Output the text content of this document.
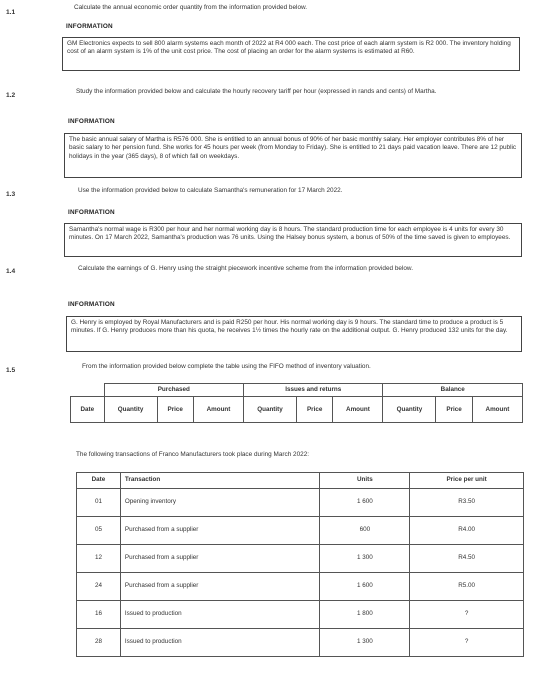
1.1
Calculate the annual economic order quantity from the information provided below.
INFORMATION
GM Electronics expects to sell 800 alarm systems each month of 2022 at R4 000 each. The cost price of each alarm system is R2 000. The inventory holding cost of an alarm system is 1% of the unit cost price. The cost of placing an order for the alarm systems is estimated at R60.
1.2
Study the information provided below and calculate the hourly recovery tariff per hour (expressed in rands and cents) of Martha.
INFORMATION
The basic annual salary of Martha is R576 000. She is entitled to an annual bonus of 90% of her basic monthly salary. Her employer contributes 8% of her basic salary to her pension fund. She works for 45 hours per week (from Monday to Friday). She is entitled to 21 days paid vacation leave. There are 12 public holidays in the year (365 days), 8 of which fall on weekdays.
1.3
Use the information provided below to calculate Samantha's remuneration for 17 March 2022.
INFORMATION
Samantha's normal wage is R300 per hour and her normal working day is 8 hours. The standard production time for each employee is 4 units for every 30 minutes. On 17 March 2022, Samantha's production was 76 units. Using the Halsey bonus system, a bonus of 50% of the time saved is given to employees.
1.4	Calculate the earnings of G. Henry using the straight piecework incentive scheme from the information provided below.
INFORMATION
G. Henry is employed by Royal Manufacturers and is paid R250 per hour. His normal working day is 9 hours. The standard time to produce a product is 5 minutes. If G. Henry produces more than his quota, he receives 1½ times the hourly rate on the additional output. G. Henry produced 132 units for the day.
1.5
From the information provided below complete the table using the FIFO method of inventory valuation.
	Purchased			Issues and returns			Balance		
Date	Quantity	Price	Amount	Quantity	Price	Amount	Quantity	Price	Amount
The following transactions of Franco Manufacturers took place during March 2022:
Date	Transaction	Units	Price per unit
01	Opening inventory	1 600	R3.50
05	Purchased from a supplier	600	R4.00
12	Purchased from a supplier	1 300	R4.50
24	Purchased from a supplier	1 600	R5.00
16	Issued to production	1 800	?
28	Issued to production	1 300	?
